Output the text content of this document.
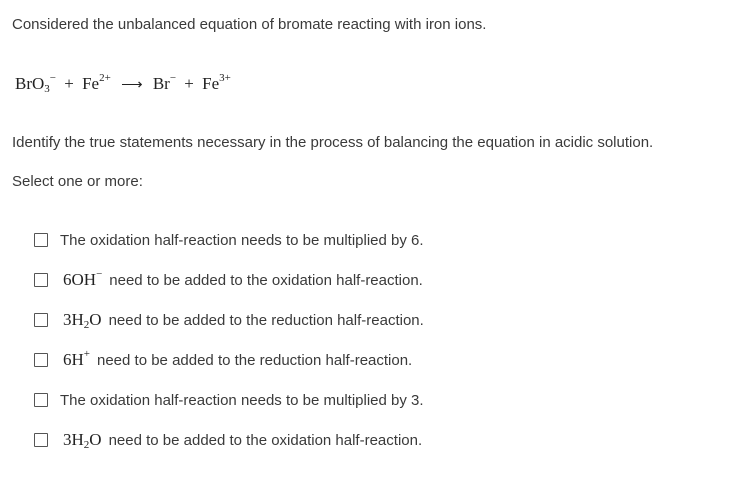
Considered the unbalanced equation of bromate reacting with iron ions.

$BrO_3^- + Fe^{2+}$ ⟶ $Br^- + Fe^{3+}$

Identify the true statements necessary in the process of balancing the equation in acidic solution.

Select one or more:

The oxidation half-reaction needs to be multiplied by 6.
6OH− need to be added to the oxidation half-reaction.
$3H_2O$ need to be added to the reduction half-reaction.
6H+ need to be added to the reduction half-reaction.
The oxidation half-reaction needs to be multiplied by 3.
$3H_2O$ need to be added to the oxidation half-reaction.
